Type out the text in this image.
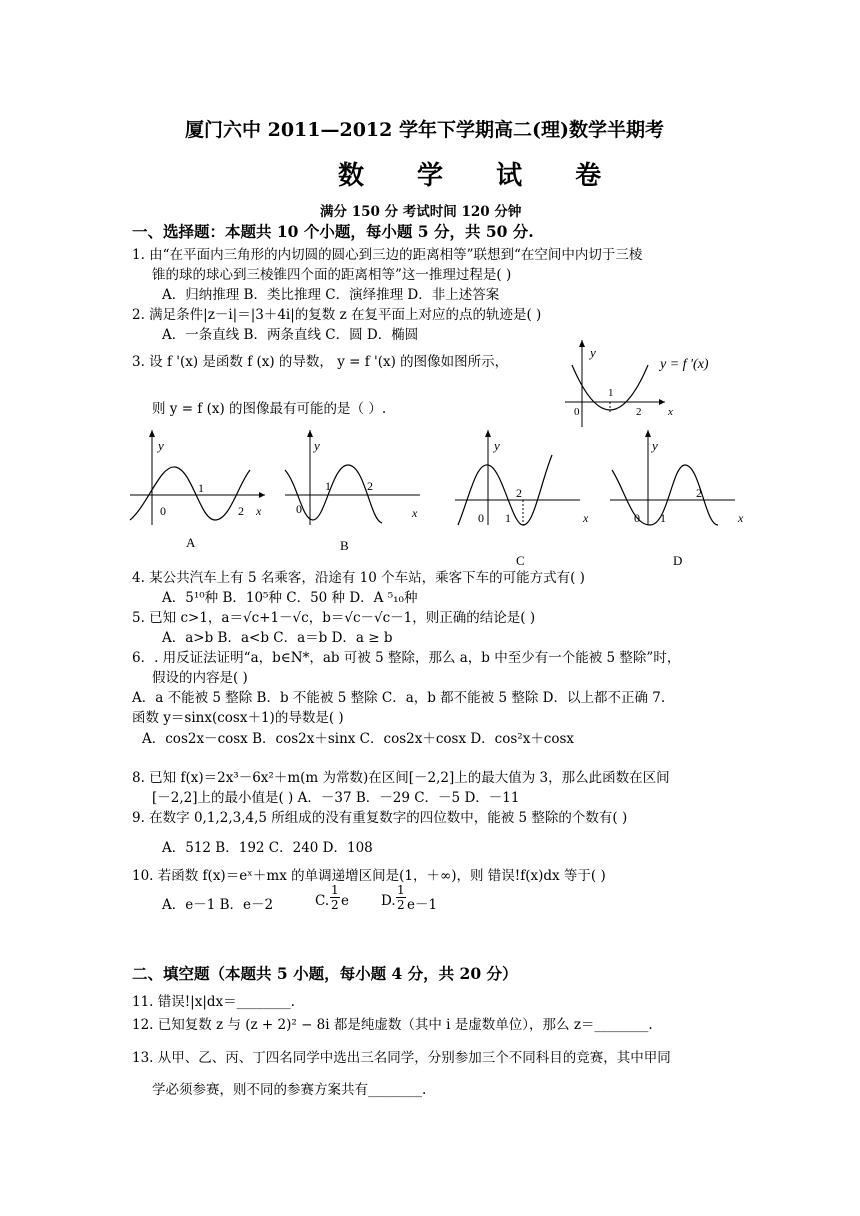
厦门六中 2011—2012 学年下学期高二(理)数学半期考
数 学 试 卷
满分 150 分 考试时间 120 分钟
一、选择题：本题共 10 个小题，每小题 5 分，共 50 分.
1. 由“在平面内三角形的内切圆的圆心到三边的距离相等”联想到“在空间中内切于三棱
锥的球的球心到三棱锥四个面的距离相等”这一推理过程是( )
A．归纳推理 B．类比推理 C．演绎推理 D．非上述答案
2. 满足条件|z－i|＝|3＋4i|的复数 z 在复平面上对应的点的轨迹是( )
A．一条直线 B．两条直线 C．圆 D．椭圆
3. 设 f '(x) 是函数 f (x) 的导数， y = f '(x) 的图像如图所示，
则 y = f (x) 的图像最有可能的是（ ）.
y
0
1
2 x
y = f '(x)
y
0
1
2 x
A
y
0
1	2
x
B
y
0 1
2
x
C
y
0 1
2
x
D
4. 某公共汽车上有 5 名乘客，沿途有 10 个车站，乘客下车的可能方式有( )
A．5¹⁰种 B．10⁵种 C．50 种 D．A ⁵₁₀种
5. 已知 c>1，a＝√c+1－√c，b＝√c－√c－1，则正确的结论是( )
A．a>b B．a<b C．a＝b D．a ≥ b
6．. 用反证法证明“a，b∈N*，ab 可被 5 整除，那么 a，b 中至少有一个能被 5 整除”时，
假设的内容是( )
A．a 不能被 5 整除 B．b 不能被 5 整除 C．a，b 都不能被 5 整除 D．以上都不正确 7.
函数 y＝sinx(cosx＋1)的导数是( )
A．cos2x－cosx B．cos2x＋sinx C．cos2x＋cosx D．cos²x＋cosx
8. 已知 f(x)＝2x³－6x²＋m(m 为常数)在区间[－2,2]上的最大值为 3，那么此函数在区间
[－2,2]上的最小值是( ) A．－37 B．－29 C．－5 D．－11
9. 在数字 0,1,2,3,4,5 所组成的没有重复数字的四位数中，能被 5 整除的个数有( )
A．512 B．192 C．240 D．108
10. 若函数 f(x)＝eˣ＋mx 的单调递增区间是(1，＋∞)，则 错误!f(x)dx 等于( )
A．e－1 B．e－2	C.
1
2 e D.
1
2 e－1
二、填空题（本题共 5 小题，每小题 4 分，共 20 分）
11. 错误!|x|dx＝________.
12. 已知复数 z 与 (z + 2)² − 8i 都是纯虚数（其中 i 是虚数单位），那么 z＝________.
13. 从甲、乙、丙、丁四名同学中选出三名同学，分别参加三个不同科目的竞赛，其中甲同
学必须参赛，则不同的参赛方案共有________.
